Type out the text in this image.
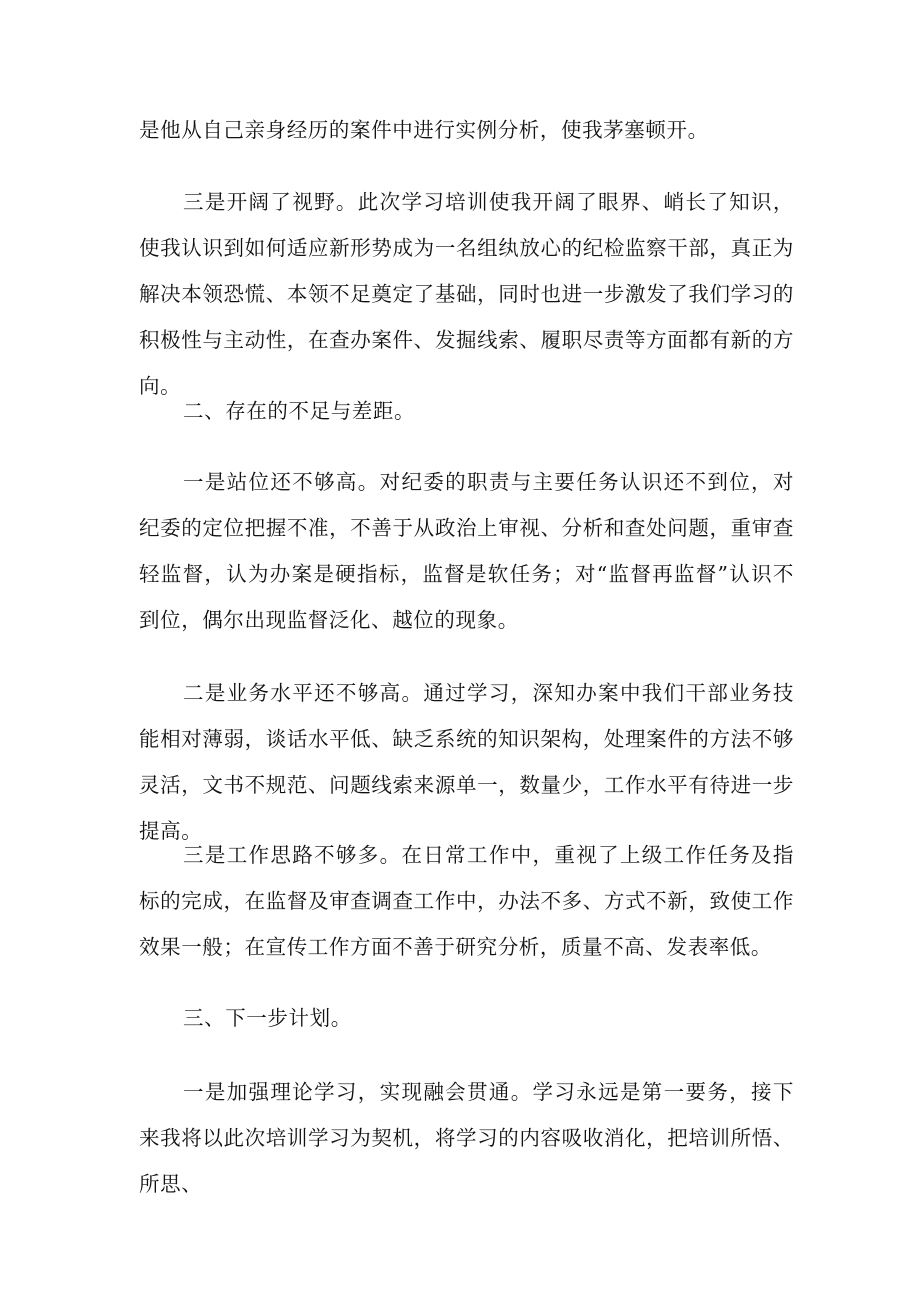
是他从自己亲身经历的案件中进行实例分析，使我茅塞顿开。

三是开阔了视野。此次学习培训使我开阔了眼界、峭长了知识，使我认识到如何适应新形势成为一名组纨放心的纪检监察干部，真正为解决本领恐慌、本领不足奠定了基础，同时也进一步激发了我们学习的积极性与主动性，在查办案件、发掘线索、履职尽责等方面都有新的方向。

二、存在的不足与差距。

一是站位还不够高。对纪委的职责与主要任务认识还不到位，对纪委的定位把握不准，不善于从政治上审视、分析和查处问题，重审查轻监督，认为办案是硬指标，监督是软任务；对“监督再监督”认识不到位，偶尔出现监督泛化、越位的现象。

二是业务水平还不够高。通过学习，深知办案中我们干部业务技能相对薄弱，谈话水平低、缺乏系统的知识架构，处理案件的方法不够灵活，文书不规范、问题线索来源单一，数量少，工作水平有待进一步提高。

三是工作思路不够多。在日常工作中，重视了上级工作任务及指标的完成，在监督及审查调查工作中，办法不多、方式不新，致使工作效果一般；在宣传工作方面不善于研究分析，质量不高、发表率低。

三、下一步计划。

一是加强理论学习，实现融会贯通。学习永远是第一要务，接下来我将以此次培训学习为契机，将学习的内容吸收消化，把培训所悟、所思、
